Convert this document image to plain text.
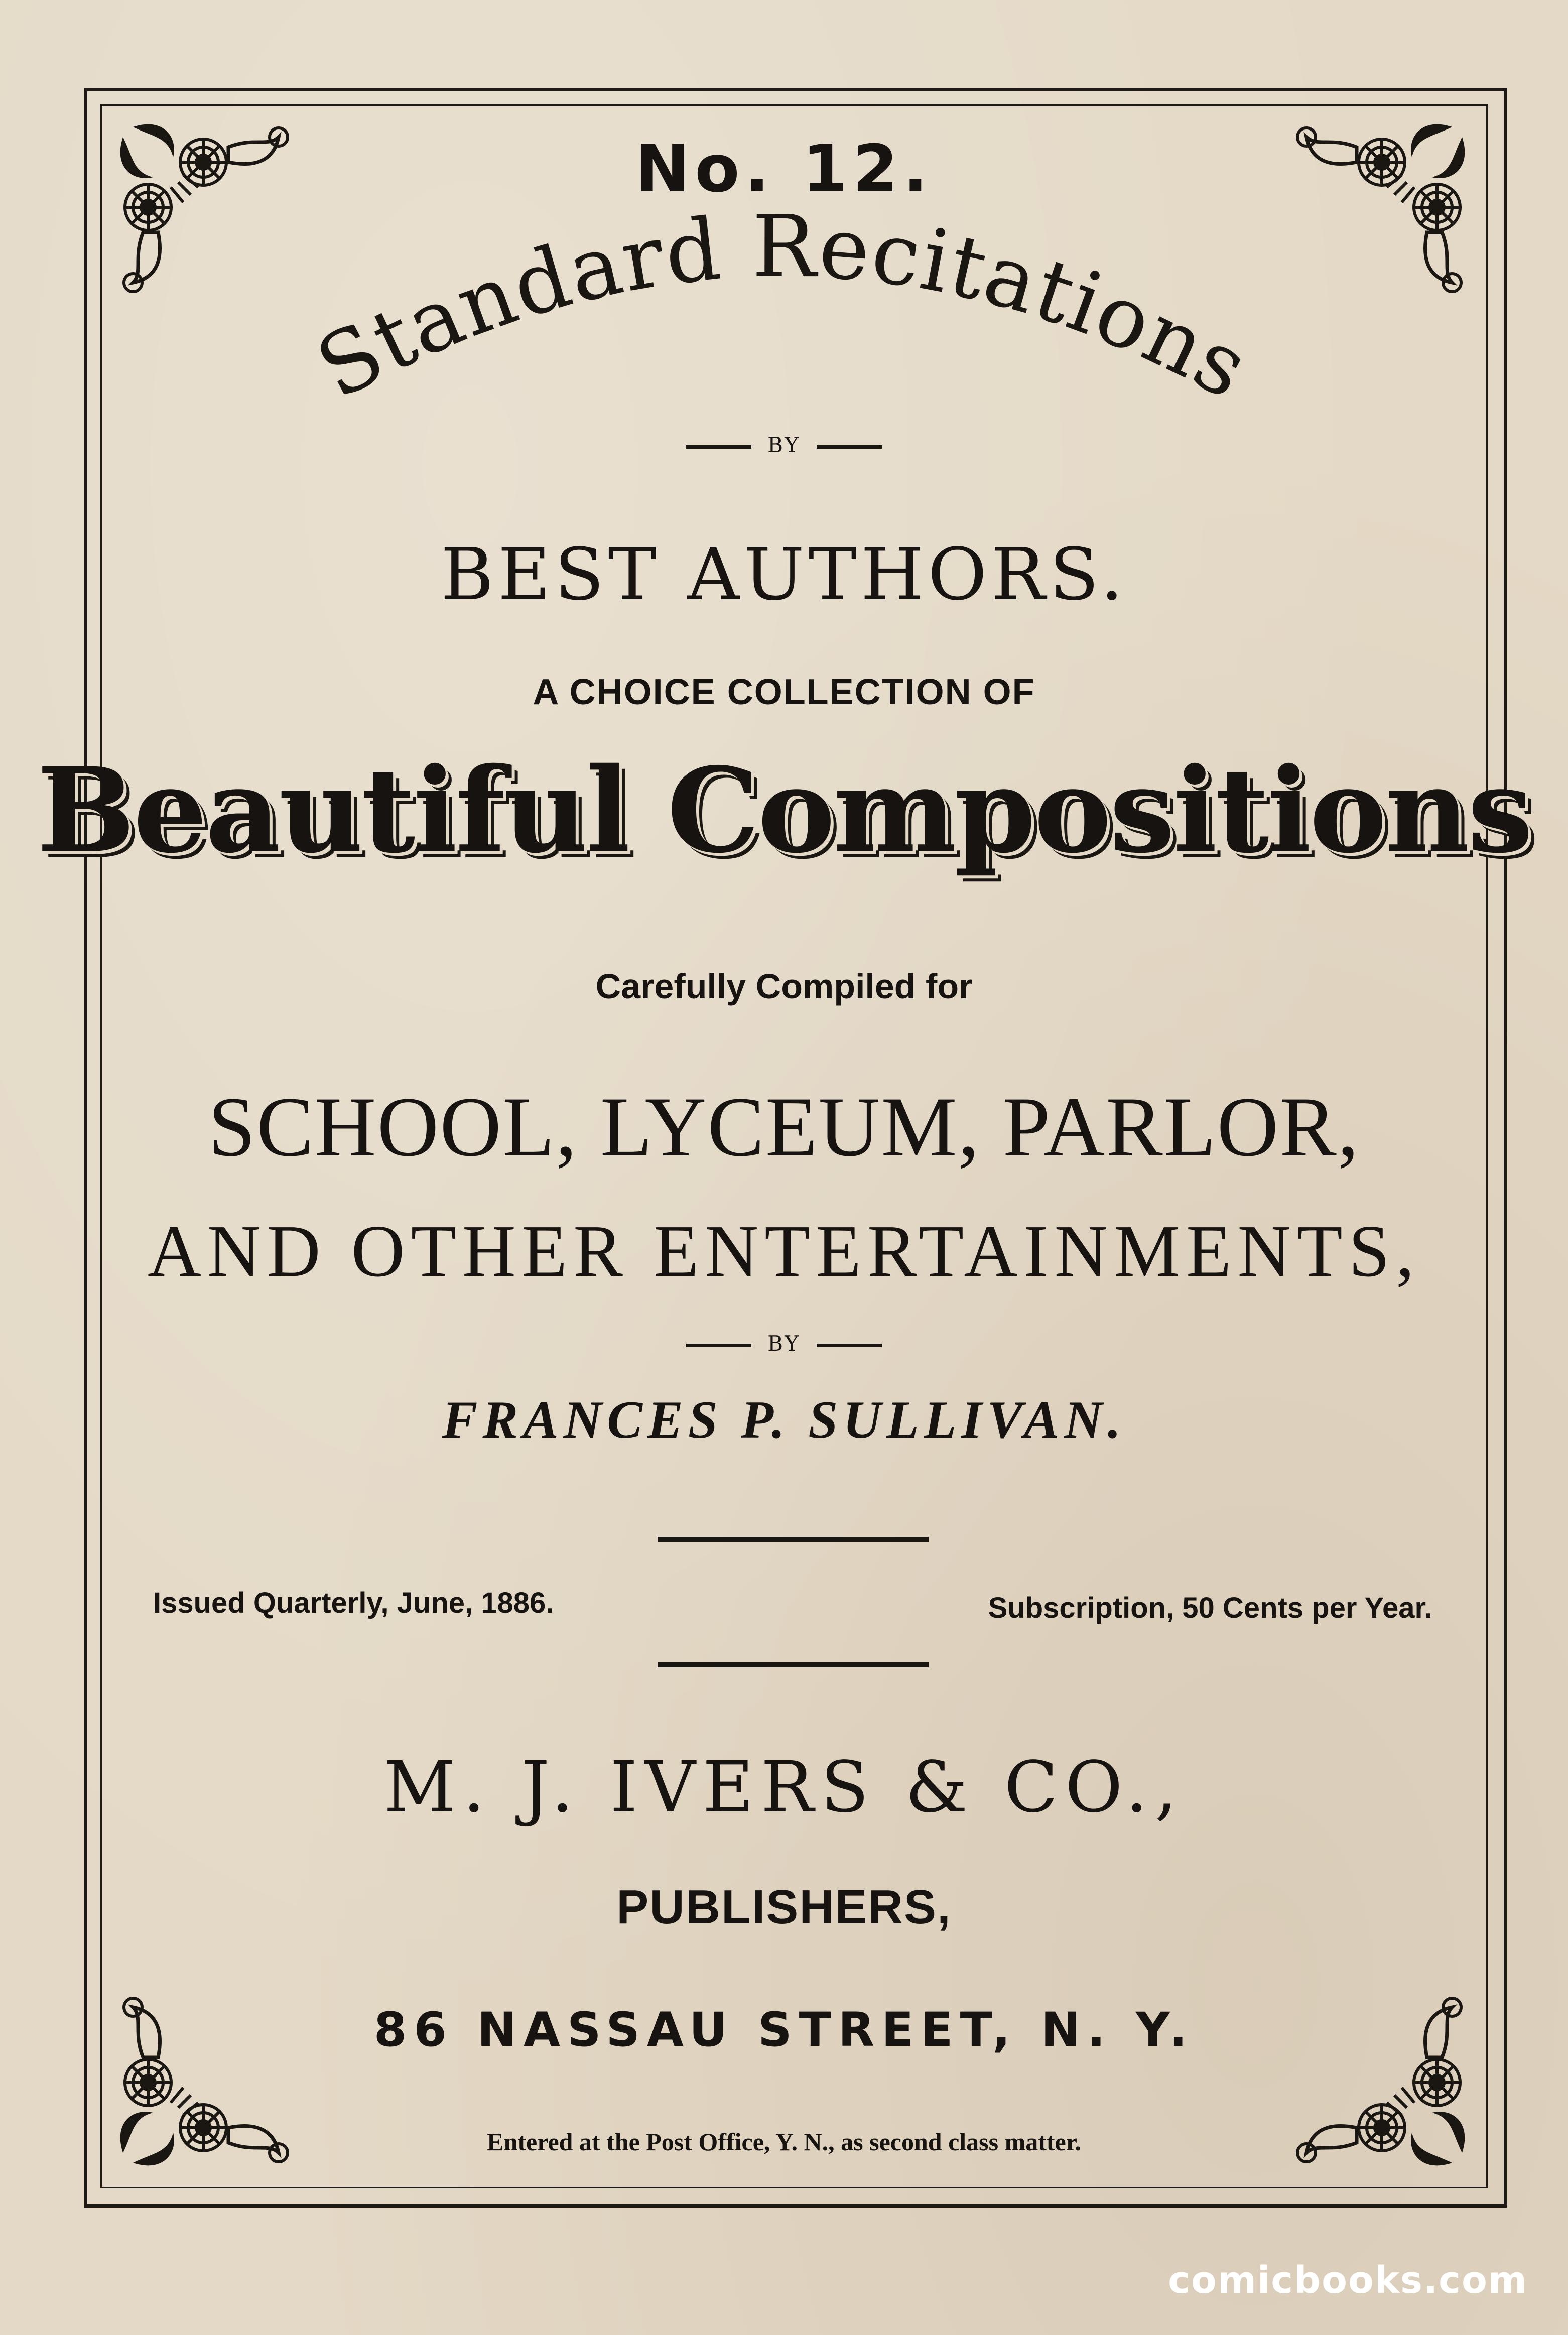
No. 12.
Standard Recitations
BY
BEST AUTHORS.
A CHOICE COLLECTION OF
Beautiful Compositions
Carefully Compiled for
SCHOOL, LYCEUM, PARLOR,
AND OTHER ENTERTAINMENTS,
BY
FRANCES P. SULLIVAN.
Issued Quarterly, June, 1886.	Subscription, 50 Cents per Year.
M. J. IVERS & CO.,
PUBLISHERS,
86 NASSAU STREET, N. Y.
Entered at the Post Office, Y. N., as second class matter.
comicbooks.com
